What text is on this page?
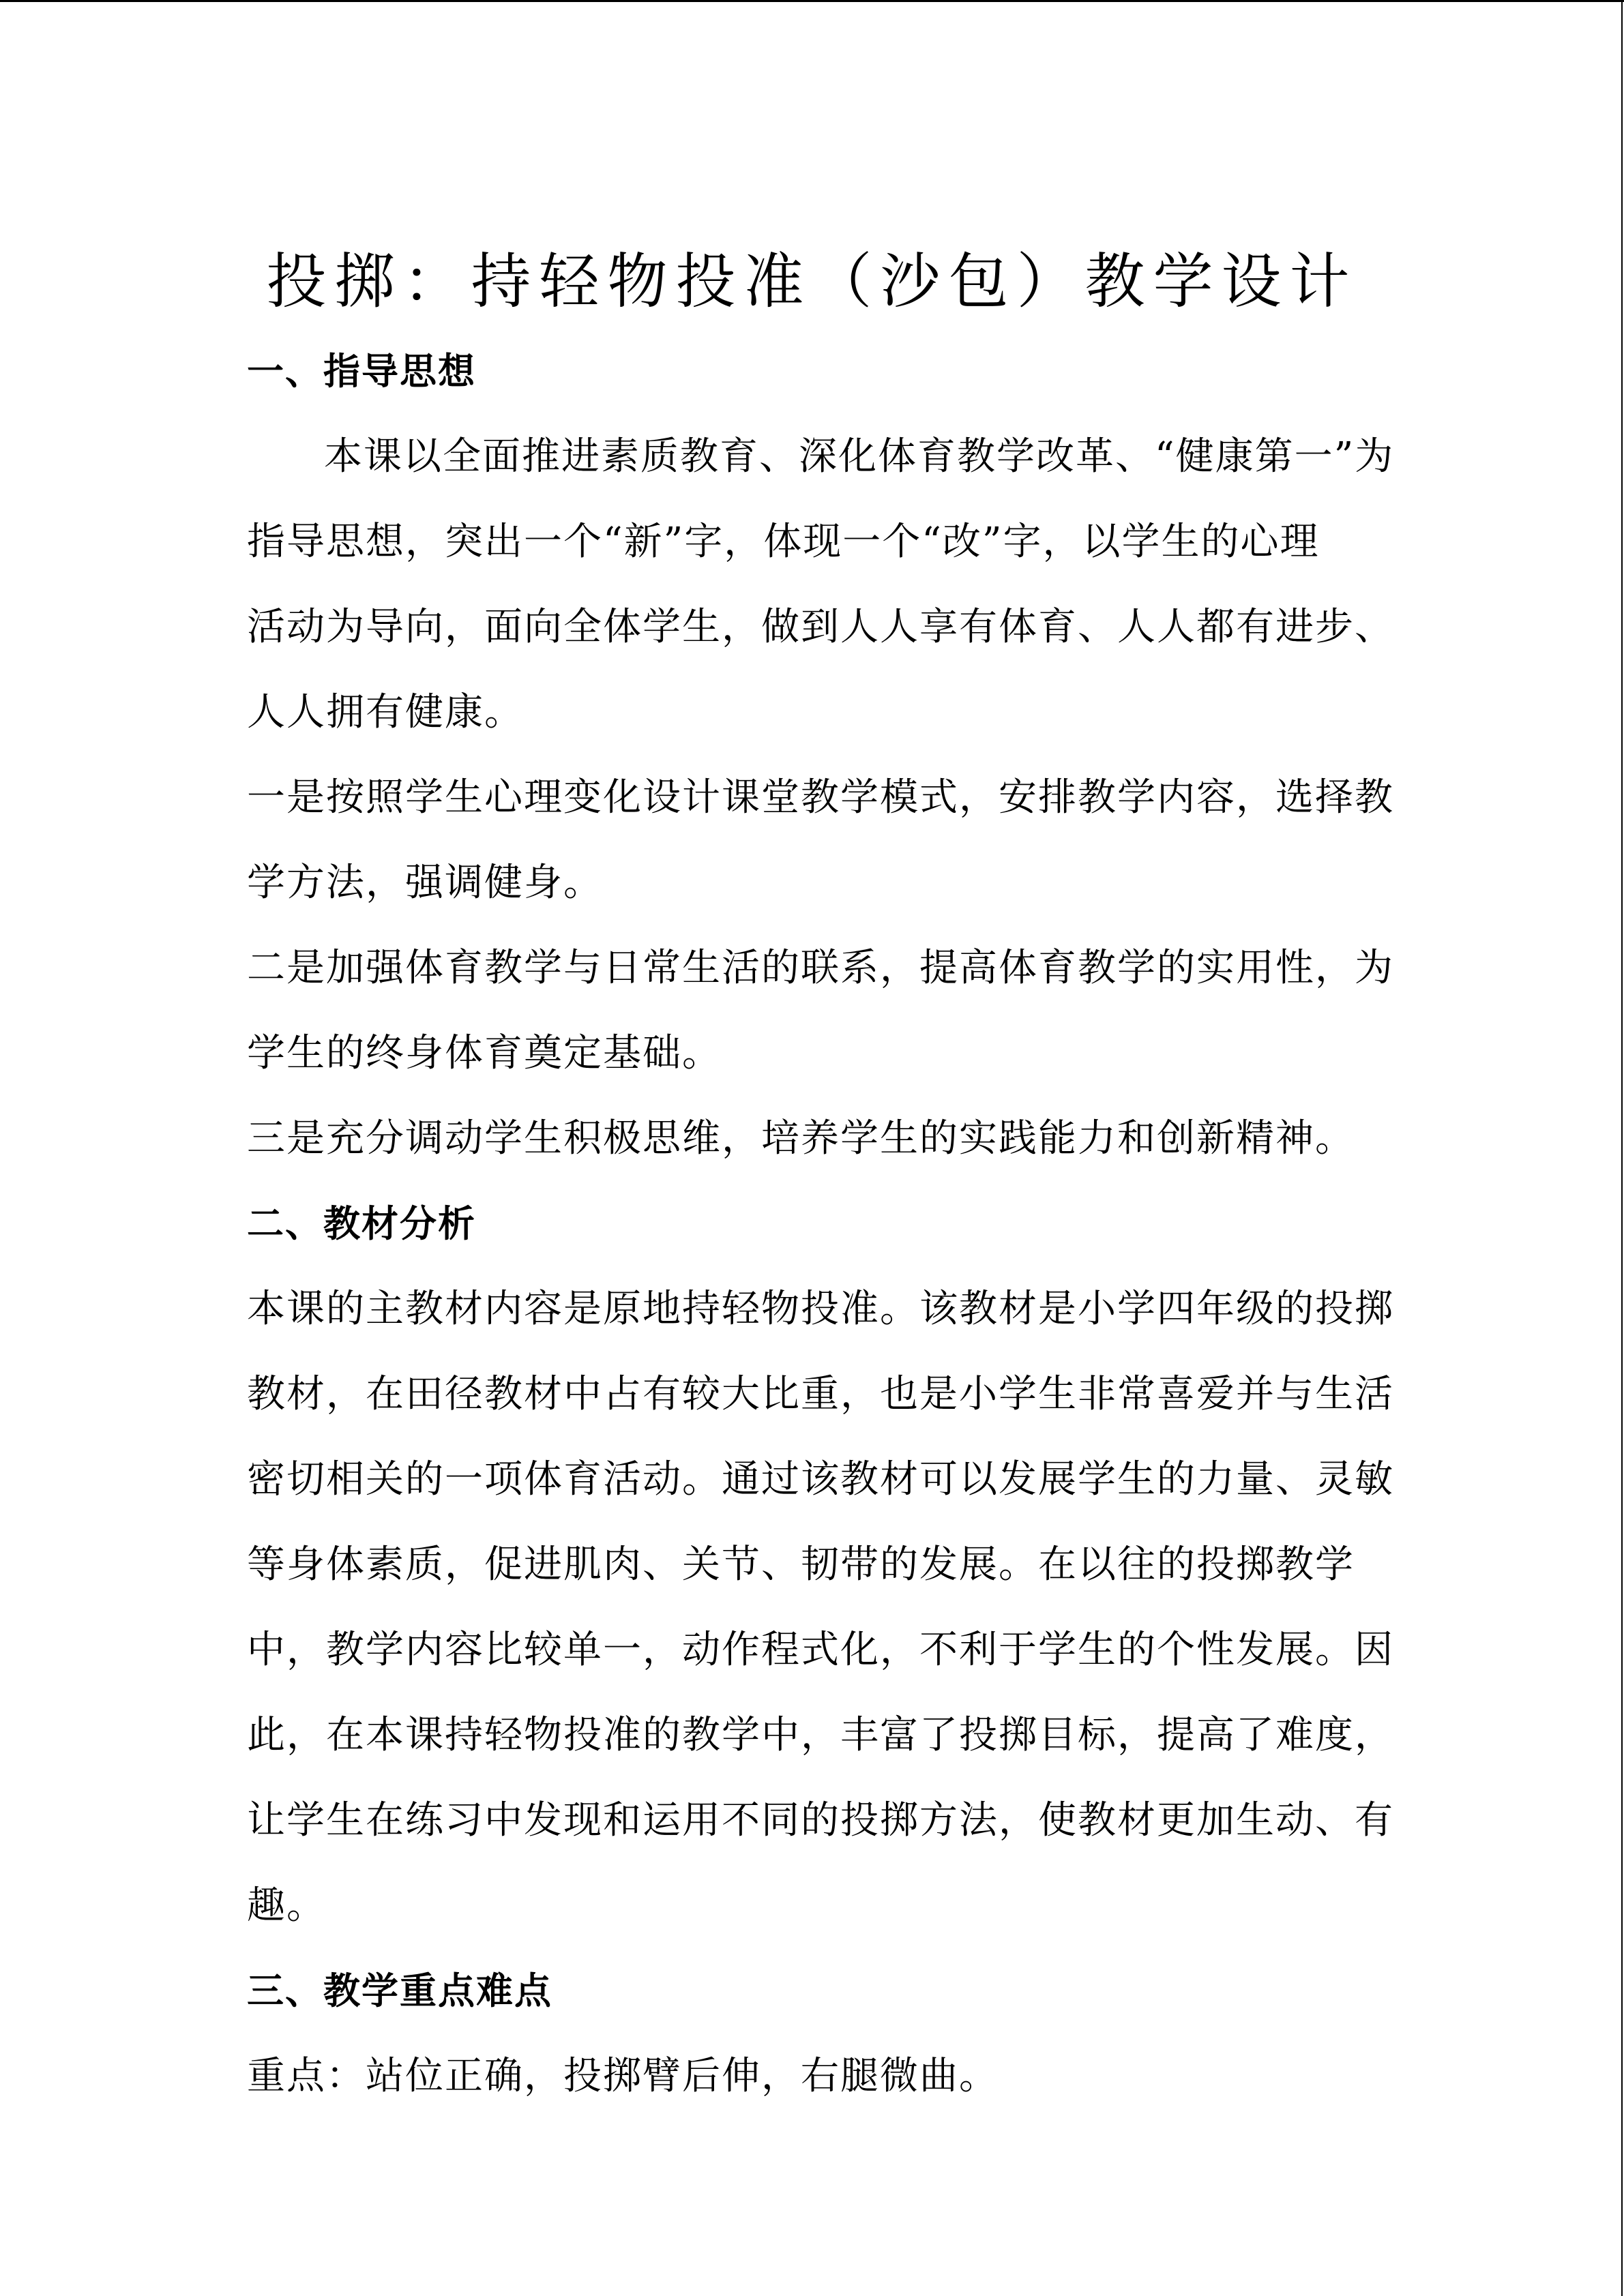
投掷：持轻物投准（沙包）教学设计
一、指导思想
本课以全面推进素质教育、深化体育教学改革、“健康第一”为
指导思想，突出一个“新”字，体现一个“改”字，以学生的心理
活动为导向，面向全体学生，做到人人享有体育、人人都有进步、
人人拥有健康。
一是按照学生心理变化设计课堂教学模式，安排教学内容，选择教
学方法，强调健身。
二是加强体育教学与日常生活的联系，提高体育教学的实用性，为
学生的终身体育奠定基础。
三是充分调动学生积极思维，培养学生的实践能力和创新精神。
二、教材分析
本课的主教材内容是原地持轻物投准。该教材是小学四年级的投掷
教材，在田径教材中占有较大比重，也是小学生非常喜爱并与生活
密切相关的一项体育活动。通过该教材可以发展学生的力量、灵敏
等身体素质，促进肌肉、关节、韧带的发展。在以往的投掷教学
中，教学内容比较单一，动作程式化，不利于学生的个性发展。因
此，在本课持轻物投准的教学中，丰富了投掷目标，提高了难度，
让学生在练习中发现和运用不同的投掷方法，使教材更加生动、有
趣。
三、教学重点难点
重点：站位正确，投掷臂后伸，右腿微曲。
